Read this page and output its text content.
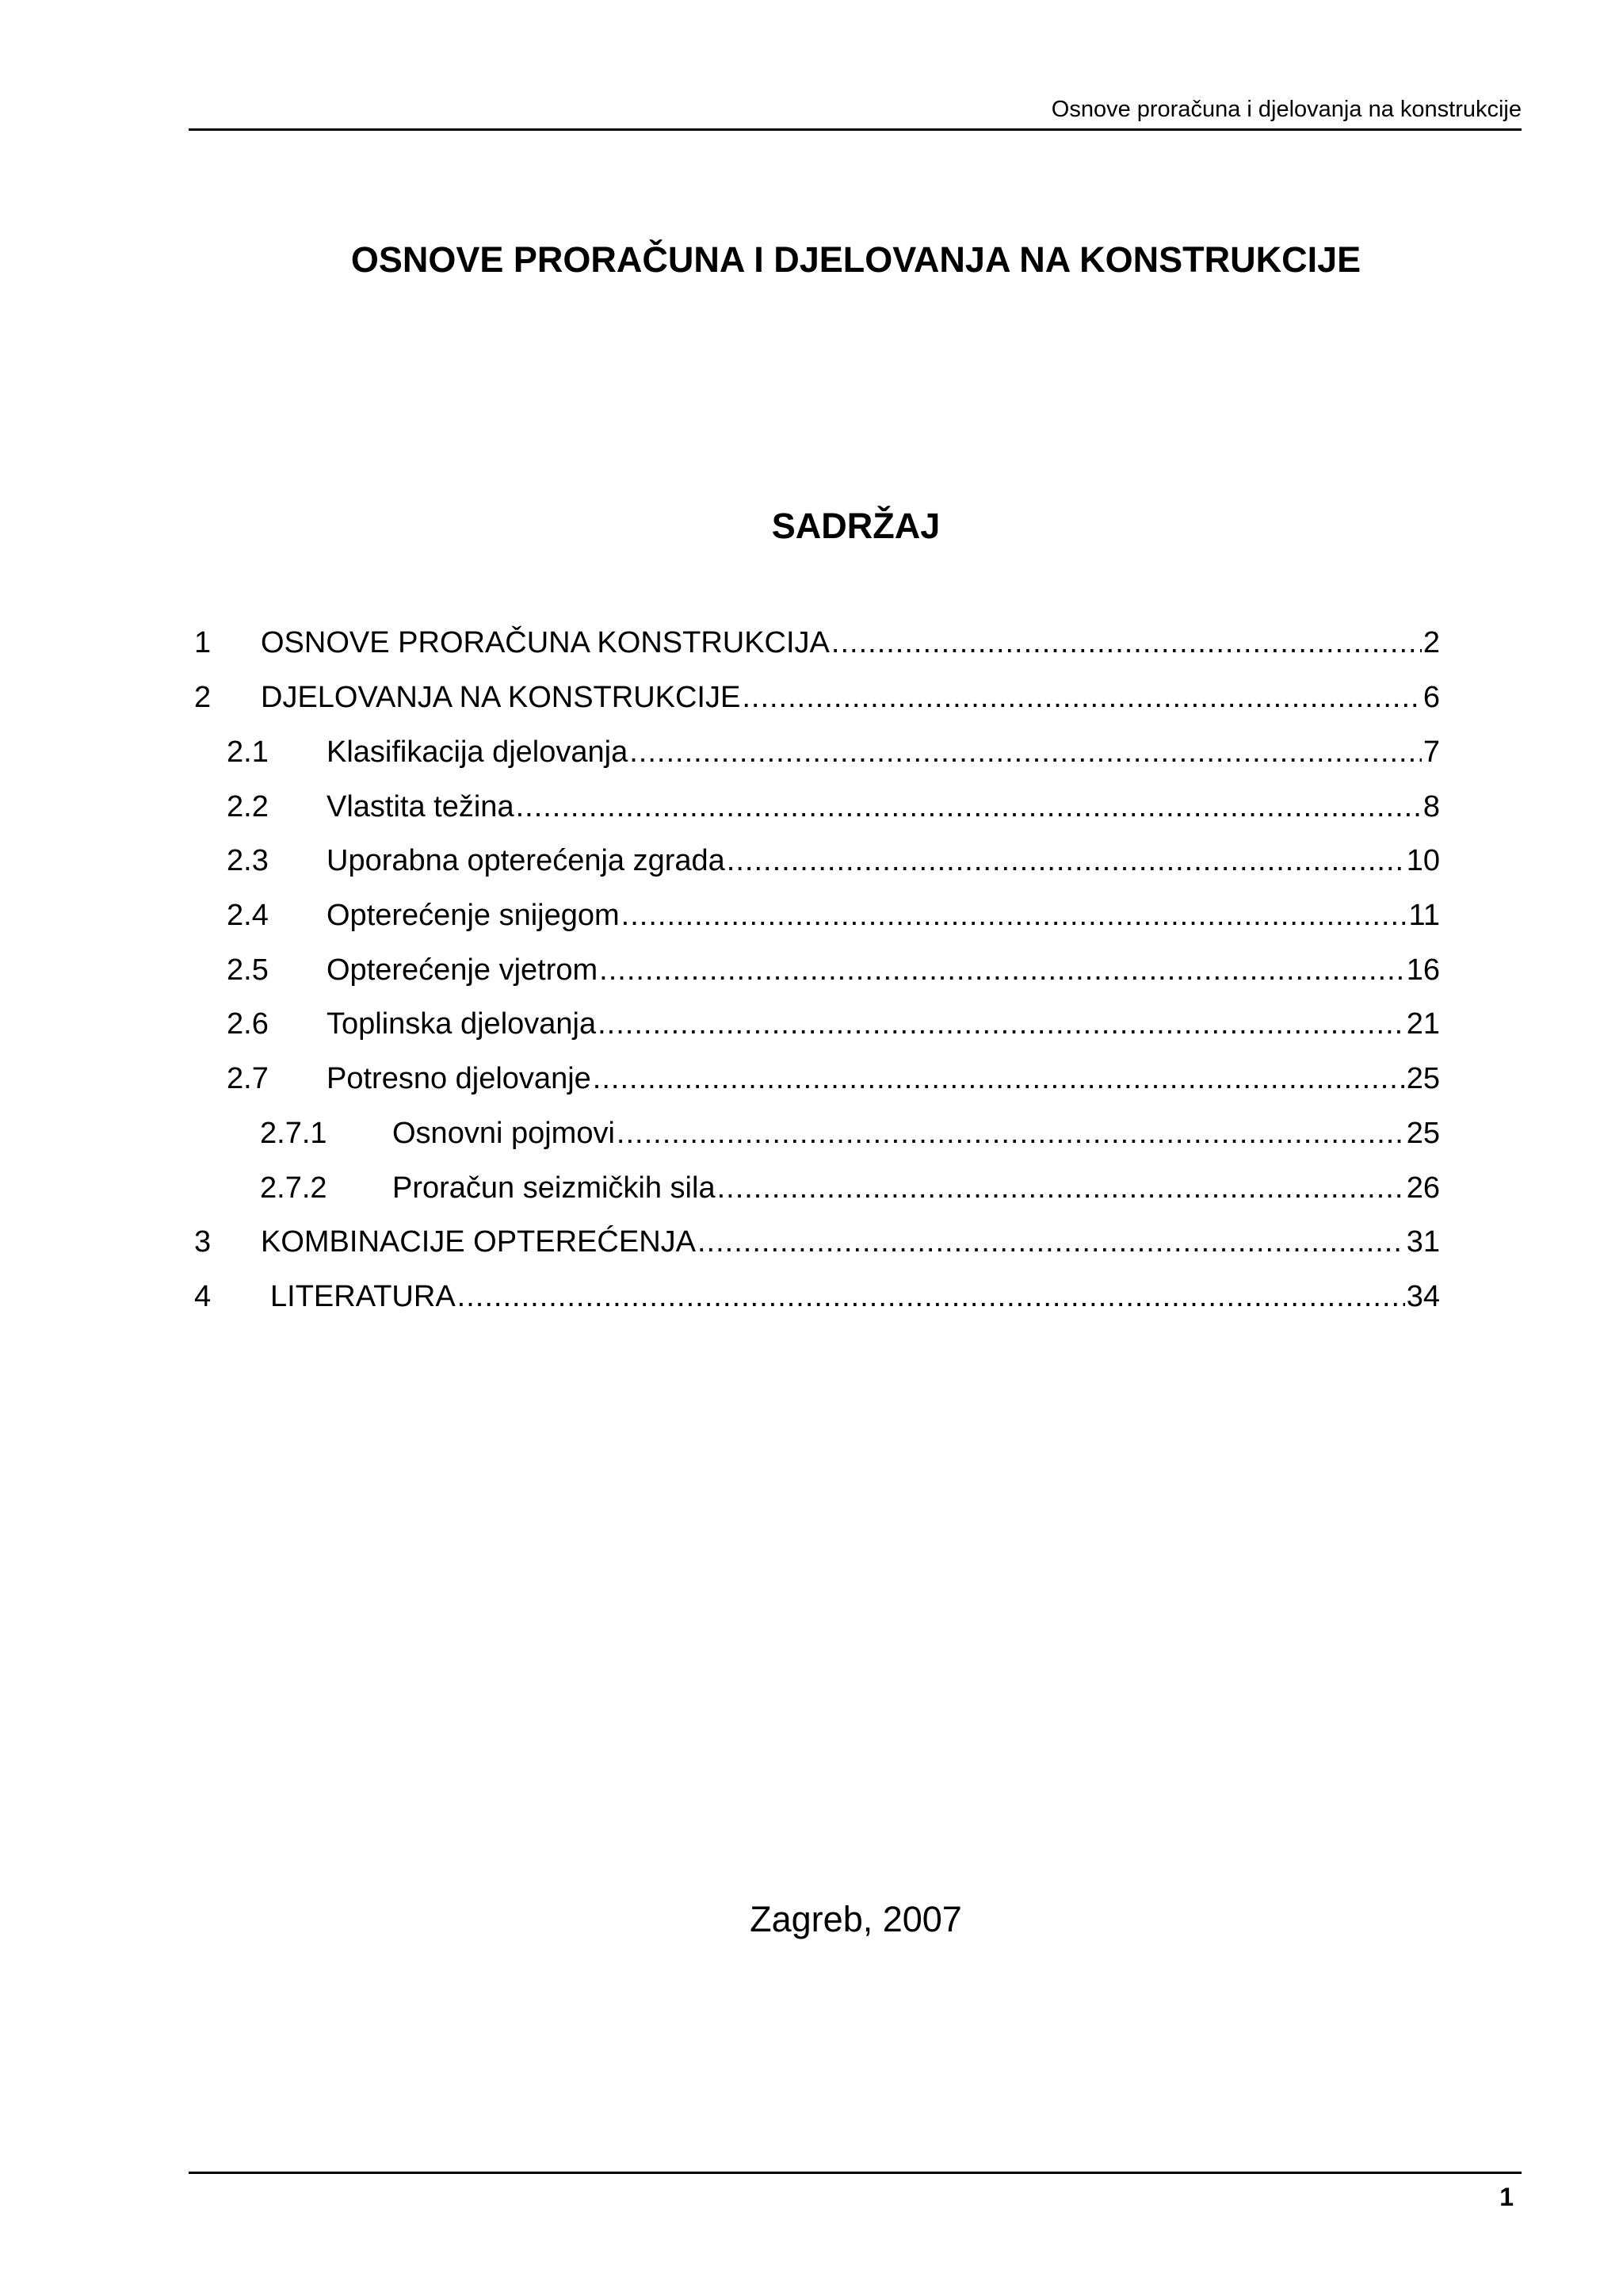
Osnove proračuna i djelovanja na konstrukcije
OSNOVE PRORAČUNA I DJELOVANJA NA KONSTRUKCIJE
SADRŽAJ
1	OSNOVE PRORAČUNA KONSTRUKCIJA .....	2
2	DJELOVANJA NA KONSTRUKCIJE .....	6
2.1	Klasifikacija djelovanja .....	7
2.2	Vlastita težina .....	8
2.3	Uporabna opterećenja zgrada .....	10
2.4	Opterećenje snijegom .....	11
2.5	Opterećenje vjetrom .....	16
2.6	Toplinska djelovanja .....	21
2.7	Potresno djelovanje .....	25
2.7.1	Osnovni pojmovi .....	25
2.7.2	Proračun seizmičkih sila .....	26
3	KOMBINACIJE OPTEREĆENJA .....	31
4	LITERATURA .....	34
Zagreb, 2007
1
